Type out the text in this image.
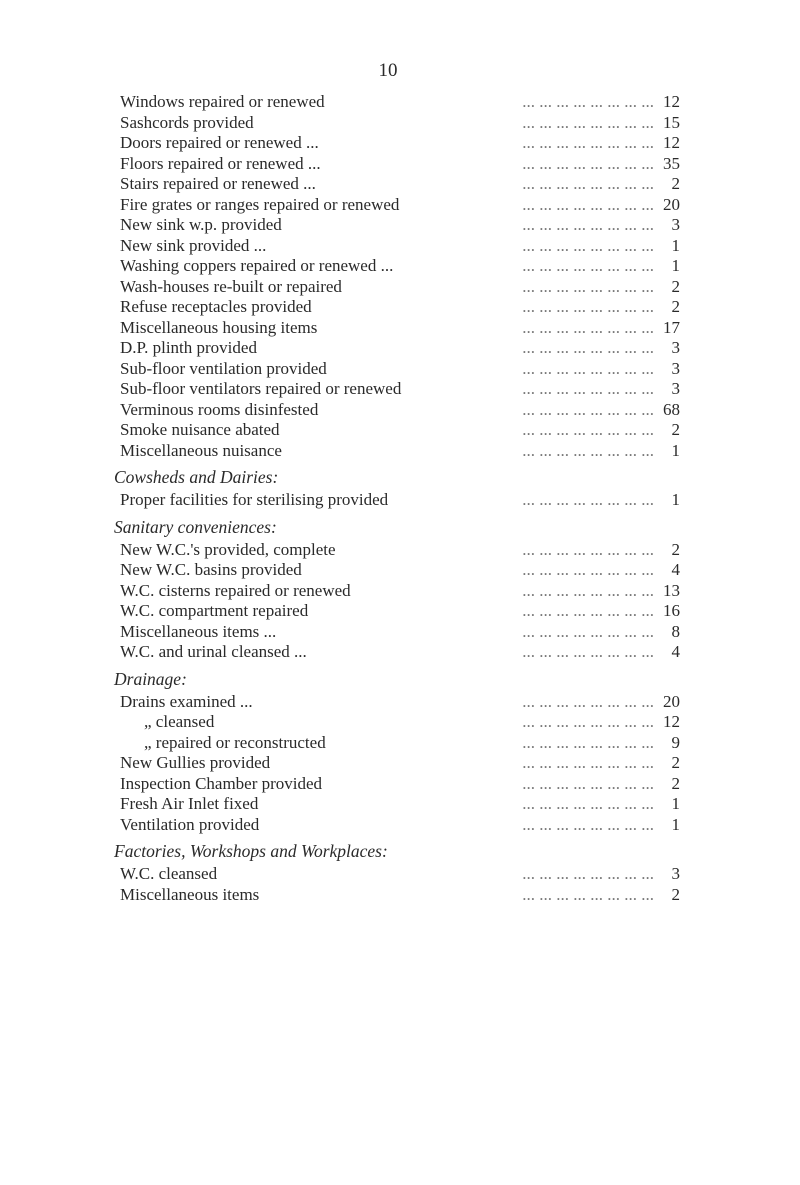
10
... ... ... ... ... ... ... ...
Windows repaired or renewed	12
... ... ... ... ... ... ... ...
Sashcords provided	15
... ... ... ... ... ... ... ...
Doors repaired or renewed ...	12
... ... ... ... ... ... ... ...
Floors repaired or renewed ...	35
... ... ... ... ... ... ... ...
Stairs repaired or renewed ...	2
... ... ... ... ... ... ... ...
Fire grates or ranges repaired or renewed	20
... ... ... ... ... ... ... ...
New sink w.p. provided	3
... ... ... ... ... ... ... ...
New sink provided ...	1
... ... ... ... ... ... ... ...
Washing coppers repaired or renewed ...	1
... ... ... ... ... ... ... ...
Wash-houses re-built or repaired	2
... ... ... ... ... ... ... ...
Refuse receptacles provided	2
... ... ... ... ... ... ... ...
Miscellaneous housing items	17
... ... ... ... ... ... ... ...
D.P. plinth provided	3
... ... ... ... ... ... ... ...
Sub-floor ventilation provided	3
... ... ... ... ... ... ... ...
Sub-floor ventilators repaired or renewed	3
... ... ... ... ... ... ... ...
Verminous rooms disinfested	68
... ... ... ... ... ... ... ...
Smoke nuisance abated	2
... ... ... ... ... ... ... ...
Miscellaneous nuisance	1
Cowsheds and Dairies:
... ... ... ... ... ... ... ...
Proper facilities for sterilising provided	1
Sanitary conveniences:
... ... ... ... ... ... ... ...
New W.C.'s provided, complete	2
... ... ... ... ... ... ... ...
New W.C. basins provided	4
... ... ... ... ... ... ... ...
W.C. cisterns repaired or renewed	13
... ... ... ... ... ... ... ...
W.C. compartment repaired	16
... ... ... ... ... ... ... ...
Miscellaneous items ...	8
... ... ... ... ... ... ... ...
W.C. and urinal cleansed ...	4
Drainage:
... ... ... ... ... ... ... ...
Drains examined ...	20
... ... ... ... ... ... ... ...
„ cleansed	12
... ... ... ... ... ... ... ...
„ repaired or reconstructed	9
... ... ... ... ... ... ... ...
New Gullies provided	2
... ... ... ... ... ... ... ...
Inspection Chamber provided	2
... ... ... ... ... ... ... ...
Fresh Air Inlet fixed	1
... ... ... ... ... ... ... ...
Ventilation provided	1
Factories, Workshops and Workplaces:
... ... ... ... ... ... ... ...
W.C. cleansed	3
... ... ... ... ... ... ... ...
Miscellaneous items	2
